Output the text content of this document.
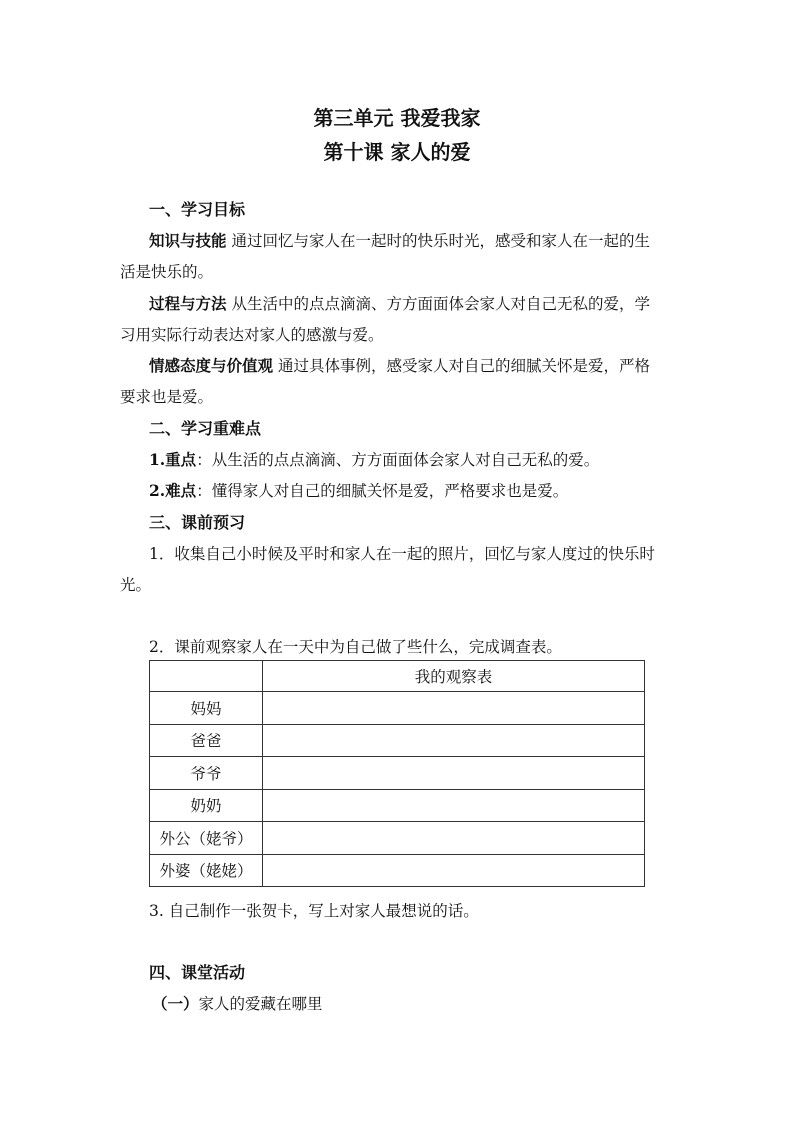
第三单元 我爱我家
第十课 家人的爱
一、学习目标
知识与技能 通过回忆与家人在一起时的快乐时光，感受和家人在一起的生
活是快乐的。
过程与方法 从生活中的点点滴滴、方方面面体会家人对自己无私的爱，学
习用实际行动表达对家人的感激与爱。
情感态度与价值观 通过具体事例，感受家人对自己的细腻关怀是爱，严格
要求也是爱。
二、学习重难点
1.重点：从生活的点点滴滴、方方面面体会家人对自己无私的爱。
2.难点：懂得家人对自己的细腻关怀是爱，严格要求也是爱。
三、课前预习
1．收集自己小时候及平时和家人在一起的照片，回忆与家人度过的快乐时
光。
2．课前观察家人在一天中为自己做了些什么，完成调查表。
	我的观察表
妈妈	
爸爸	
爷爷	
奶奶	
外公（姥爷）	
外婆（姥姥）	
3. 自己制作一张贺卡，写上对家人最想说的话。
四、课堂活动
（一）家人的爱藏在哪里
